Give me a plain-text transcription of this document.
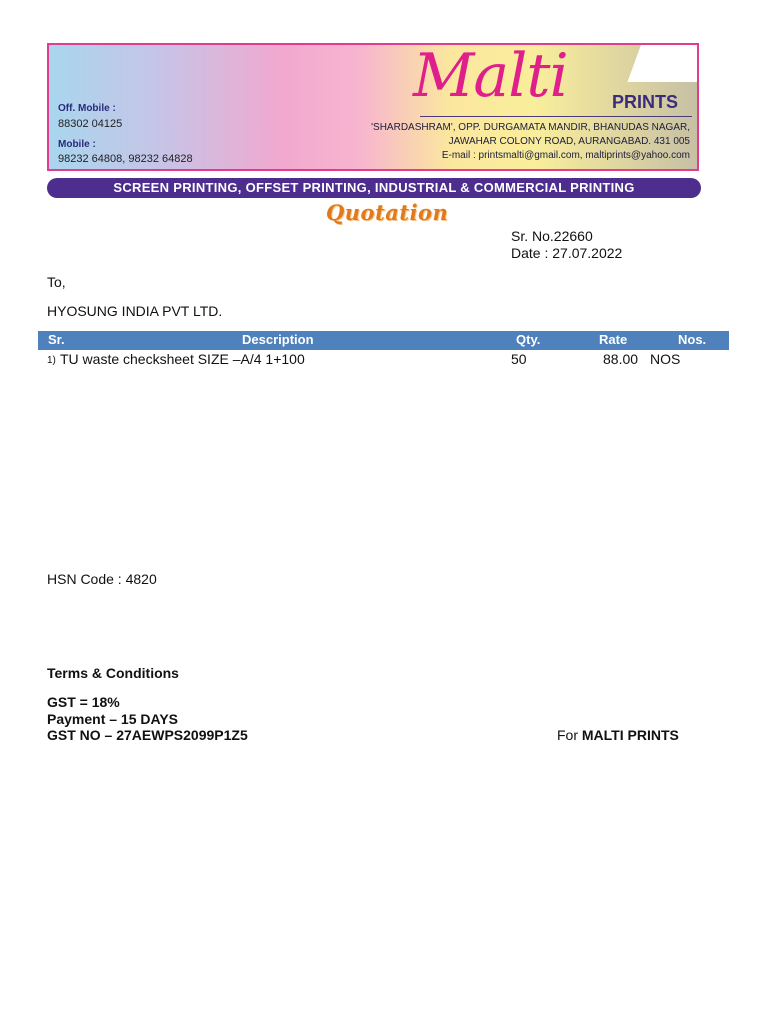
Off. Mobile :
88302 04125
Mobile :
98232 64808, 98232 64828
Malti PRINTS
'SHARDASHRAM', OPP. DURGAMATA MANDIR, BHANUDAS NAGAR,
JAWAHAR COLONY ROAD, AURANGABAD. 431 005
E-mail : printsmalti@gmail.com, maltiprints@yahoo.com
SCREEN PRINTING, OFFSET PRINTING, INDUSTRIAL & COMMERCIAL PRINTING
Quotation
Sr. No.22660
Date : 27.07.2022
To,
HYOSUNG INDIA PVT LTD.
Sr.	Description	Qty.	Rate	Nos.
1) TU waste checksheet SIZE –A/4 1+100	50	88.00 NOS
HSN Code : 4820
Terms & Conditions
GST = 18%
Payment – 15 DAYS
GST NO – 27AEWPS2099P1Z5	For MALTI PRINTS
